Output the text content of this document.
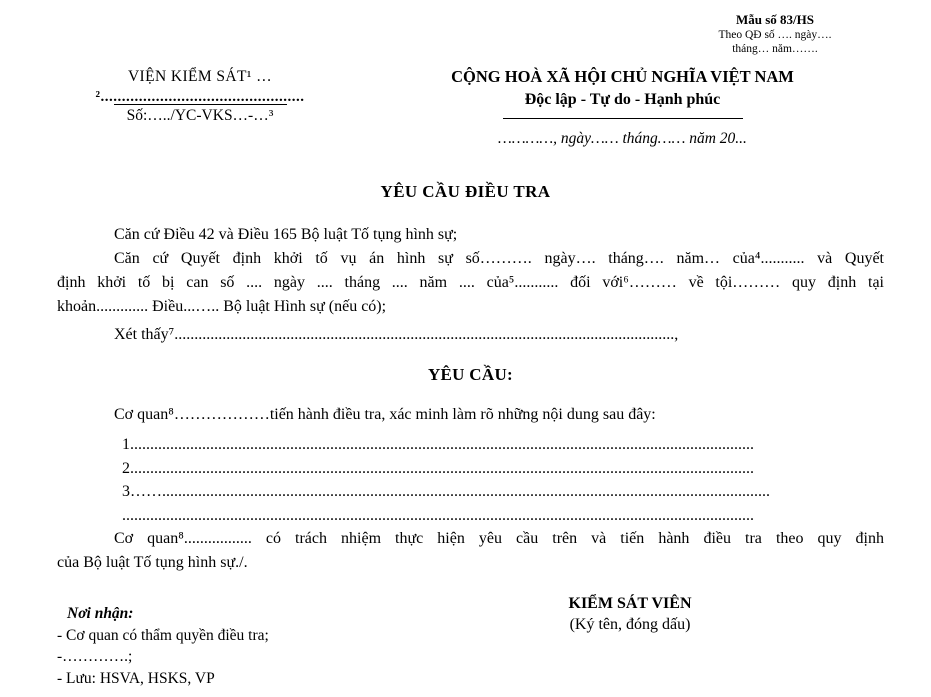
Mẫu số 83/HS
Theo QĐ số …. ngày….
tháng… năm…….
VIỆN KIỂM SÁT¹ …
²................................................
Số:…../YC-VKS…-…³
CỘNG HOÀ XÃ HỘI CHỦ NGHĨA VIỆT NAM
Độc lập - Tự do - Hạnh phúc
…………, ngày…… tháng…… năm 20...
YÊU CẦU ĐIỀU TRA
Căn cứ Điều 42 và Điều 165 Bộ luật Tố tụng hình sự;
Căn cứ Quyết định khởi tố vụ án hình sự số………. ngày…. tháng…. năm… của⁴........... và Quyết
định khởi tố bị can số .... ngày .... tháng .... năm .... của⁵........... đối với⁶……… về tội……… quy định tại
khoản............. Điều...….. Bộ luật Hình sự (nếu có);
Xét thấy⁷.............................................................................................................................,
YÊU CẦU:
Cơ quan⁸………………tiến hành điều tra, xác minh làm rõ những nội dung sau đây:
1............................................................................................................................................................
2............................................................................................................................................................
3……........................................................................................................................................................
..............................................................................................................................................................
Cơ quan⁸................. có trách nhiệm thực hiện yêu cầu trên và tiến hành điều tra theo quy định
của Bộ luật Tố tụng hình sự./.
Nơi nhận:
- Cơ quan có thẩm quyền điều tra;
-………….;
- Lưu: HSVA, HSKS, VP
KIỂM SÁT VIÊN
(Ký tên, đóng dấu)
